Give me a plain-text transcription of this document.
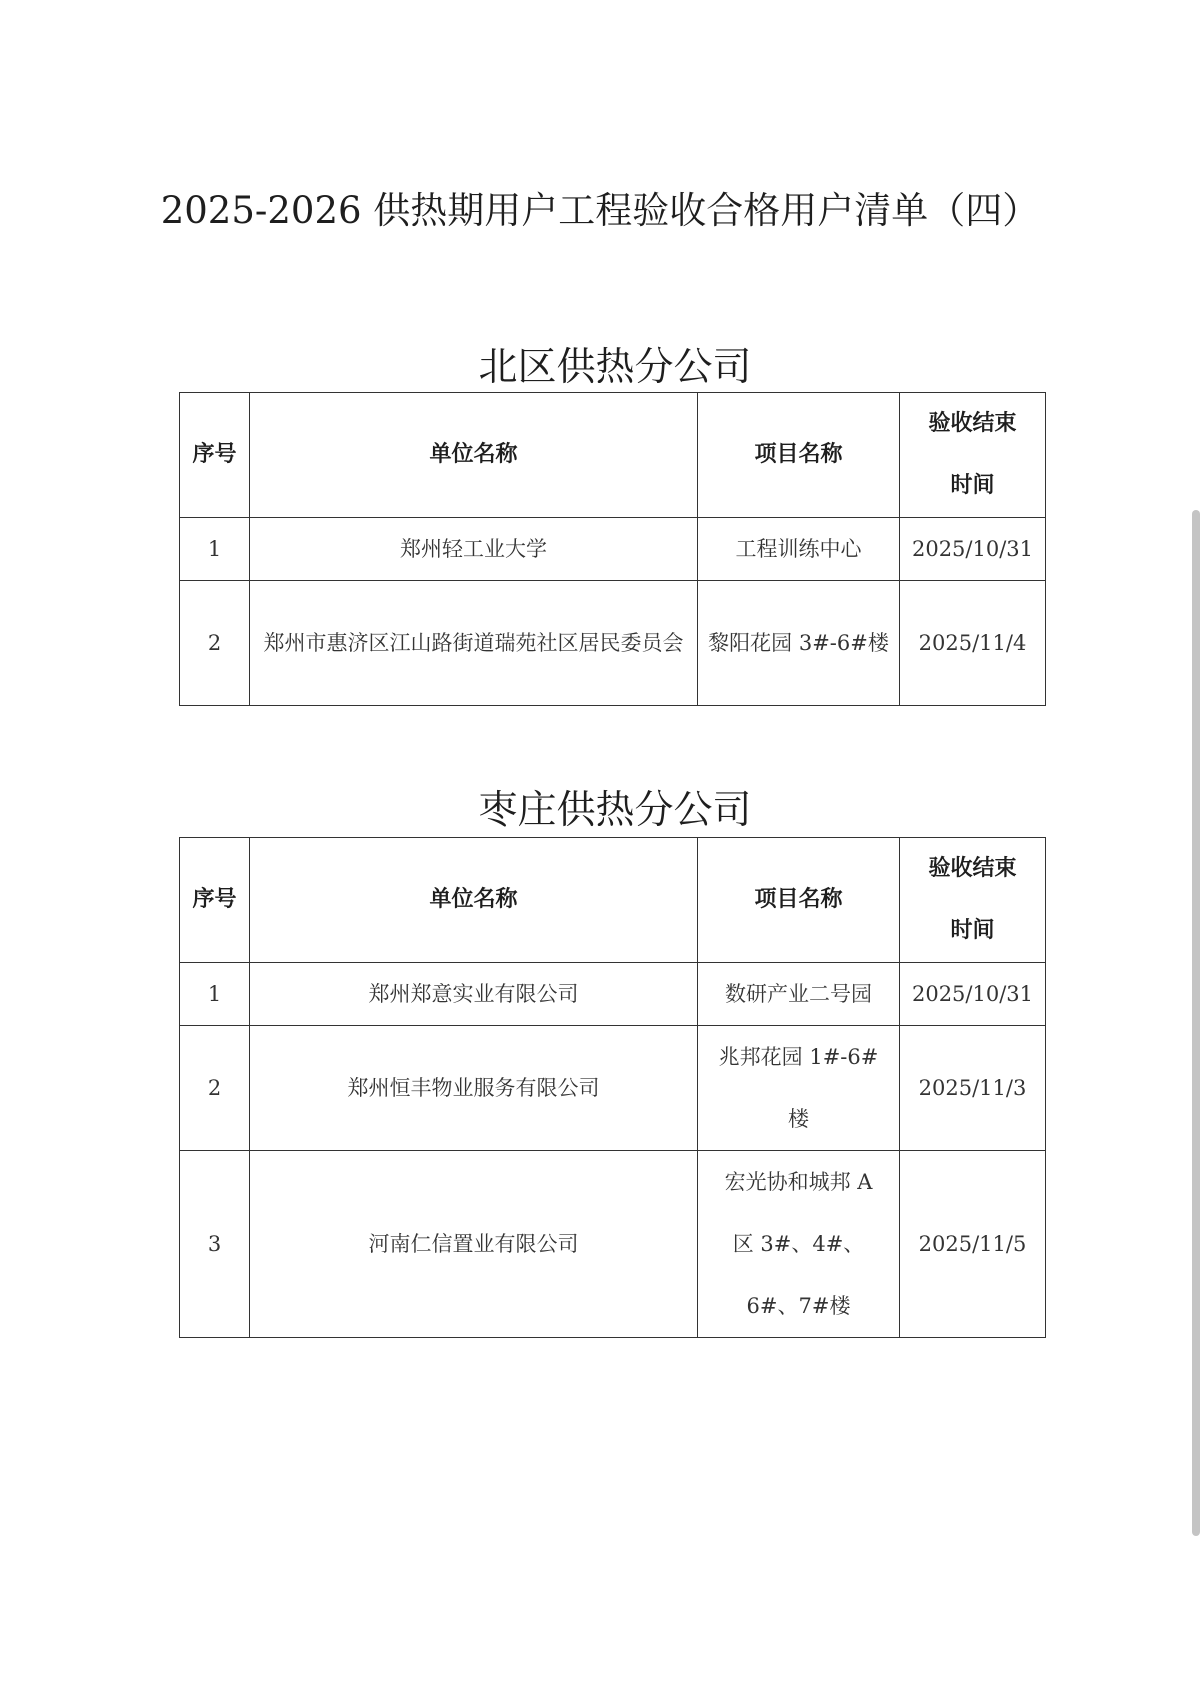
2025-2026 供热期用户工程验收合格用户清单（四）
北区供热分公司
序号	单位名称	项目名称	验收结束时间
1	郑州轻工业大学	工程训练中心	2025/10/31
2	郑州市惠济区江山路街道瑞苑社区居民委员会	黎阳花园 3#-6#楼	2025/11/4
枣庄供热分公司
序号	单位名称	项目名称	验收结束时间
1	郑州郑意实业有限公司	数研产业二号园	2025/10/31
2	郑州恒丰物业服务有限公司	兆邦花园 1#-6#楼	2025/11/3
3	河南仁信置业有限公司	宏光协和城邦 A 区 3#、4#、6#、7#楼	2025/11/5
